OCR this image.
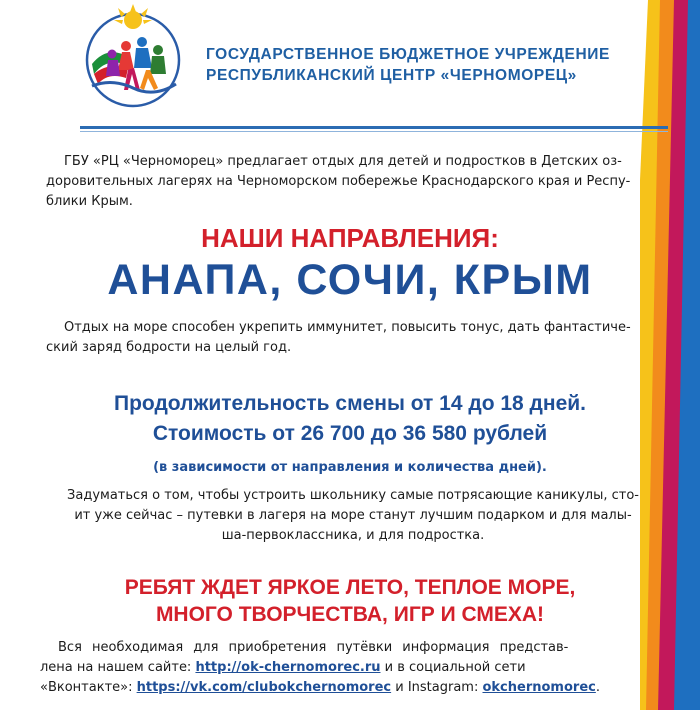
ГОСУДАРСТВЕННОЕ БЮДЖЕТНОЕ УЧРЕЖДЕНИЕ
РЕСПУБЛИКАНСКИЙ ЦЕНТР «ЧЕРНОМОРЕЦ»
ГБУ «РЦ «Черноморец» предлагает отдых для детей и подростков в Детских оз-
доровительных лагерях на Черноморском побережье Краснодарского края и Респу-
блики Крым.
НАШИ НАПРАВЛЕНИЯ:
АНАПА, СОЧИ, КРЫМ
Отдых на море способен укрепить иммунитет, повысить тонус, дать фантастиче-
ский заряд бодрости на целый год.
Продолжительность смены от 14 до 18 дней.
Стоимость от 26 700 до 36 580 рублей
(в зависимости от направления и количества дней).
Задуматься о том, чтобы устроить школьнику самые потрясающие каникулы, сто-
ит уже сейчас – путевки в лагеря на море станут лучшим подарком и для малы-
ша-первоклассника, и для подростка.
РЕБЯТ ЖДЕТ ЯРКОЕ ЛЕТО, ТЕПЛОЕ МОРЕ,
МНОГО ТВОРЧЕСТВА, ИГР И СМЕХА!
Вся необходимая для приобретения путёвки информация представ-
лена на нашем сайте: http://ok-chernomorec.ru и в социальной сети
«Вконтакте»: https://vk.com/clubokchernomorec и Instagram: okchernomorec.
